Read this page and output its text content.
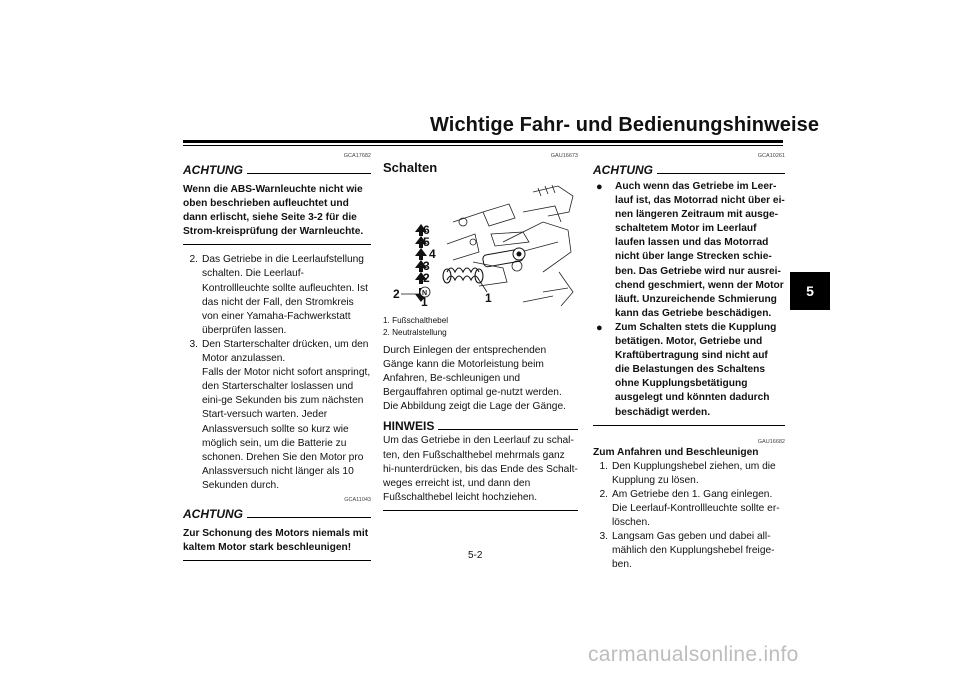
Wichtige Fahr- und Bedienungshinweise
5
GCA17682
ACHTUNG
Wenn die ABS-Warnleuchte nicht wie oben beschrieben aufleuchtet und dann erlischt, siehe Seite 3-2 für die Strom-kreisprüfung der Warnleuchte.
2. Das Getriebe in die Leerlaufstellung schalten. Die Leerlauf-Kontrollleuchte sollte aufleuchten. Ist das nicht der Fall, den Stromkreis von einer Yamaha-Fachwerkstatt überprüfen lassen.
3. Den Starterschalter drücken, um den Motor anzulassen.
Falls der Motor nicht sofort anspringt, den Starterschalter loslassen und eini-ge Sekunden bis zum nächsten Start-versuch warten. Jeder Anlassversuch sollte so kurz wie möglich sein, um die Batterie zu schonen. Drehen Sie den Motor pro Anlassversuch nicht länger als 10 Sekunden durch.
GCA11043
ACHTUNG
Zur Schonung des Motors niemals mit kaltem Motor stark beschleunigen!
GAU16673
Schalten
6
5
4
3
2
N
1
2	1
1. Fußschalthebel
2. Neutralstellung
Durch Einlegen der entsprechenden Gänge kann die Motorleistung beim Anfahren, Be-schleunigen und Bergauffahren optimal ge-nutzt werden.
Die Abbildung zeigt die Lage der Gänge.
HINWEIS
Um das Getriebe in den Leerlauf zu schal-ten, den Fußschalthebel mehrmals ganz hi-nunterdrücken, bis das Ende des Schalt-weges erreicht ist, und dann den Fußschalthebel leicht hochziehen.
GCA10261
ACHTUNG
●	Auch wenn das Getriebe im Leer-lauf ist, das Motorrad nicht über ei-nen längeren Zeitraum mit ausge-schaltetem Motor im Leerlauf laufen lassen und das Motorrad nicht über lange Strecken schie-ben. Das Getriebe wird nur ausrei-chend geschmiert, wenn der Motor läuft. Unzureichende Schmierung kann das Getriebe beschädigen.
●	Zum Schalten stets die Kupplung betätigen. Motor, Getriebe und Kraftübertragung sind nicht auf die Belastungen des Schaltens ohne Kupplungsbetätigung ausgelegt und könnten dadurch beschädigt werden.
GAU16682
Zum Anfahren und Beschleunigen
1. Den Kupplungshebel ziehen, um die Kupplung zu lösen.
2. Am Getriebe den 1. Gang einlegen. Die Leerlauf-Kontrollleuchte sollte er-löschen.
3. Langsam Gas geben und dabei all-mählich den Kupplungshebel freige-ben.
5-2
carmanualsonline.info
